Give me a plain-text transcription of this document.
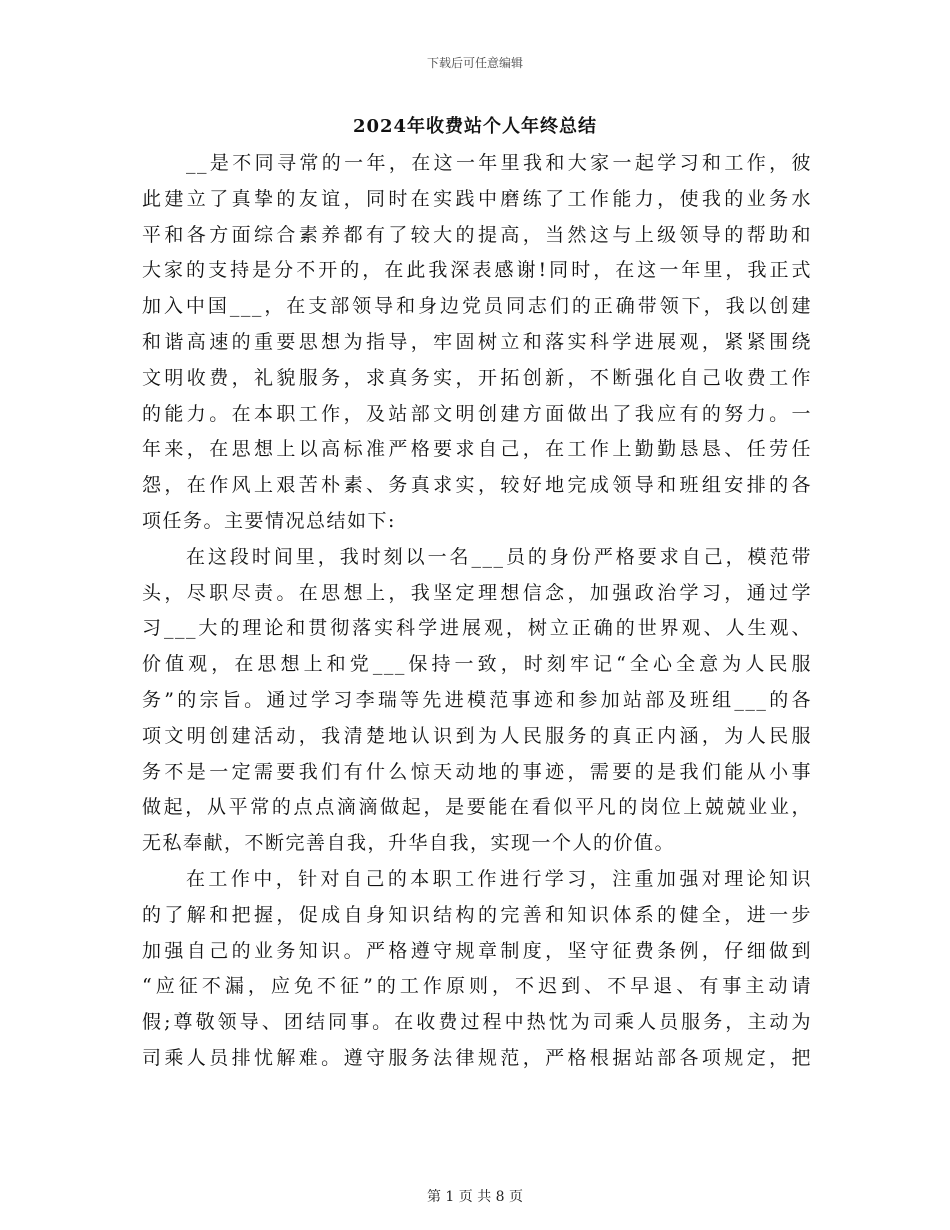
下载后可任意编辑
2024年收费站个人年终总结
__是不同寻常的一年，在这一年里我和大家一起学习和工作，彼
此建立了真挚的友谊，同时在实践中磨练了工作能力，使我的业务水
平和各方面综合素养都有了较大的提高，当然这与上级领导的帮助和
大家的支持是分不开的，在此我深表感谢!同时，在这一年里，我正式
加入中国___，在支部领导和身边党员同志们的正确带领下，我以创建
和谐高速的重要思想为指导，牢固树立和落实科学进展观，紧紧围绕
文明收费，礼貌服务，求真务实，开拓创新，不断强化自己收费工作
的能力。在本职工作，及站部文明创建方面做出了我应有的努力。一
年来，在思想上以高标准严格要求自己，在工作上勤勤恳恳、任劳任
怨，在作风上艰苦朴素、务真求实，较好地完成领导和班组安排的各
项任务。主要情况总结如下:
在这段时间里，我时刻以一名___员的身份严格要求自己，模范带
头，尽职尽责。在思想上，我坚定理想信念，加强政治学习，通过学
习___大的理论和贯彻落实科学进展观，树立正确的世界观、人生观、
价值观，在思想上和党___保持一致，时刻牢记“全心全意为人民服
务”的宗旨。通过学习李瑞等先进模范事迹和参加站部及班组___的各
项文明创建活动，我清楚地认识到为人民服务的真正内涵，为人民服
务不是一定需要我们有什么惊天动地的事迹，需要的是我们能从小事
做起，从平常的点点滴滴做起，是要能在看似平凡的岗位上兢兢业业，
无私奉献，不断完善自我，升华自我，实现一个人的价值。
在工作中，针对自己的本职工作进行学习，注重加强对理论知识
的了解和把握，促成自身知识结构的完善和知识体系的健全，进一步
加强自己的业务知识。严格遵守规章制度，坚守征费条例，仔细做到
“应征不漏，应免不征”的工作原则，不迟到、不早退、有事主动请
假;尊敬领导、团结同事。在收费过程中热忱为司乘人员服务，主动为
司乘人员排忧解难。遵守服务法律规范，严格根据站部各项规定，把
第 1 页 共 8 页
